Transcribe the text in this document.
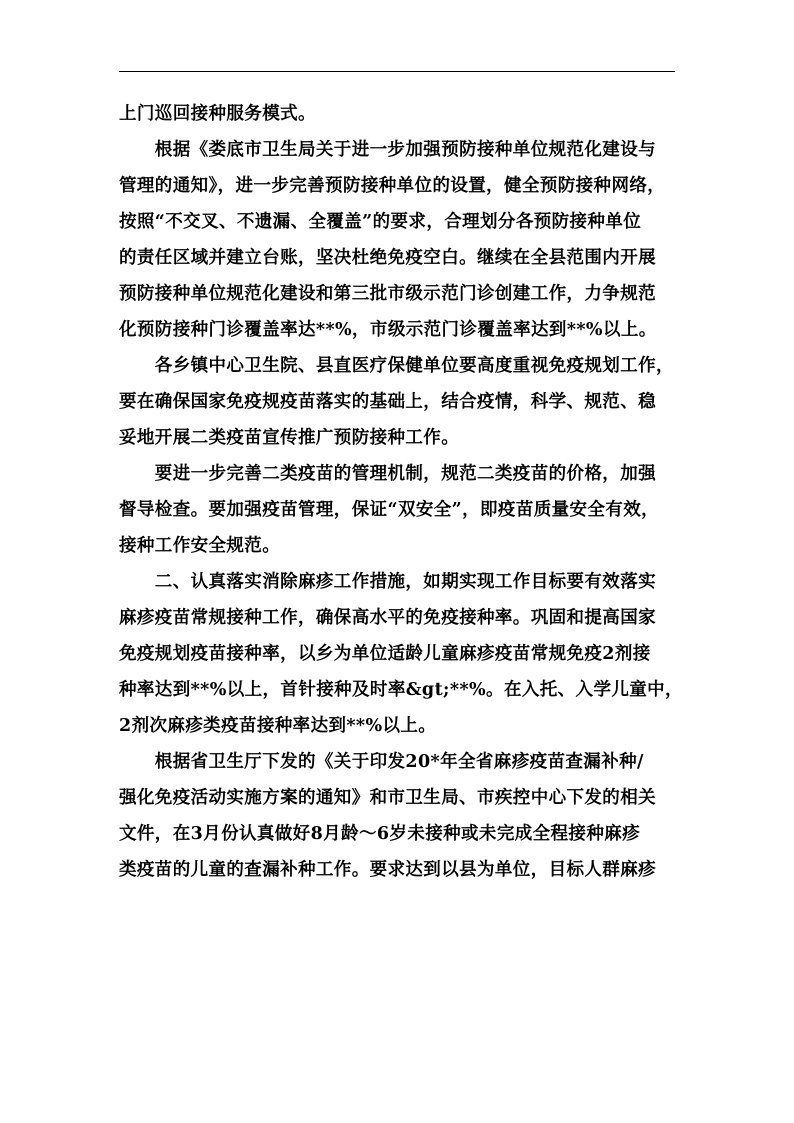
上门巡回接种服务模式。
　　根据《娄底市卫生局关于进一步加强预防接种单位规范化建设与
管理的通知》，进一步完善预防接种单位的设置，健全预防接种网络，
按照“不交叉、不遗漏、全覆盖”的要求，合理划分各预防接种单位
的责任区域并建立台账，坚决杜绝免疫空白。继续在全县范围内开展
预防接种单位规范化建设和第三批市级示范门诊创建工作，力争规范
化预防接种门诊覆盖率达**%，市级示范门诊覆盖率达到**%以上。
　　各乡镇中心卫生院、县直医疗保健单位要高度重视免疫规划工作，
要在确保国家免疫规疫苗落实的基础上，结合疫情，科学、规范、稳
妥地开展二类疫苗宣传推广预防接种工作。
　　要进一步完善二类疫苗的管理机制，规范二类疫苗的价格，加强
督导检查。要加强疫苗管理，保证“双安全”，即疫苗质量安全有效，
接种工作安全规范。
　　二、认真落实消除麻疹工作措施，如期实现工作目标要有效落实
麻疹疫苗常规接种工作，确保高水平的免疫接种率。巩固和提高国家
免疫规划疫苗接种率，以乡为单位适龄儿童麻疹疫苗常规免疫2剂接
种率达到**%以上，首针接种及时率&gt;**%。在入托、入学儿童中，
2剂次麻疹类疫苗接种率达到**%以上。
　　根据省卫生厅下发的《关于印发20*年全省麻疹疫苗查漏补种/
强化免疫活动实施方案的通知》和市卫生局、市疾控中心下发的相关
文件，在3月份认真做好8月龄～6岁未接种或未完成全程接种麻疹
类疫苗的儿童的查漏补种工作。要求达到以县为单位，目标人群麻疹
